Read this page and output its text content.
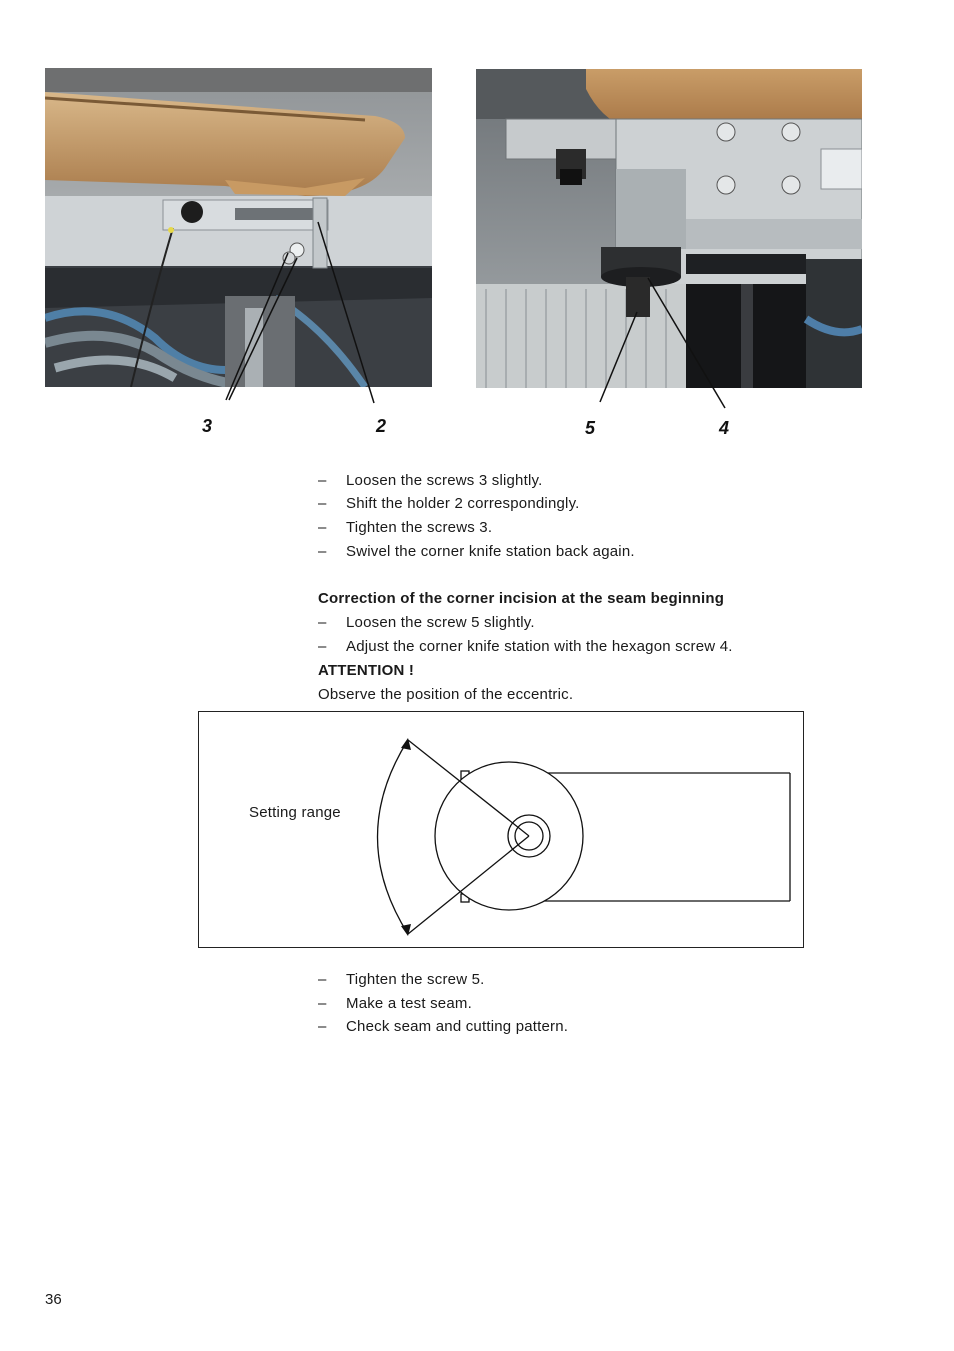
3	2	5	4
– Loosen the screws 3 slightly.
– Shift the holder 2 correspondingly.
– Tighten the screws 3.
– Swivel the corner knife station back again.
Correction of the corner incision at the seam beginning
– Loosen the screw 5 slightly.
– Adjust the corner knife station with the hexagon screw 4.
ATTENTION !
Observe the position of the eccentric.
Setting range
– Tighten the screw 5.
– Make a test seam.
– Check seam and cutting pattern.
36
